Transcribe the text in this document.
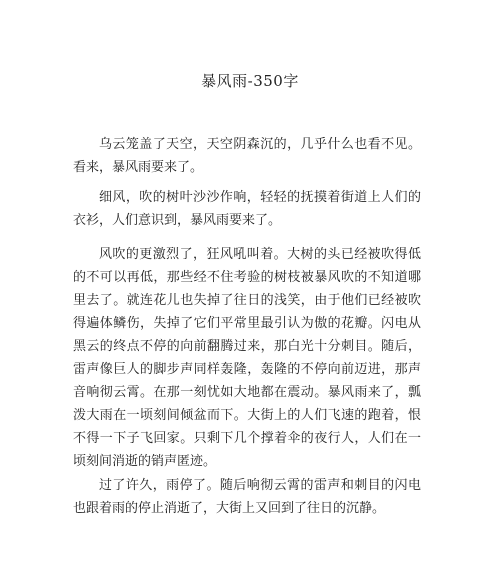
暴风雨-350字

乌云笼盖了天空，天空阴森沉的，几乎什么也看不见。看来，暴风雨要来了。

细风，吹的树叶沙沙作响，轻轻的抚摸着街道上人们的衣衫，人们意识到，暴风雨要来了。

风吹的更激烈了，狂风吼叫着。大树的头已经被吹得低的不可以再低，那些经不住考验的树枝被暴风吹的不知道哪里去了。就连花儿也失掉了往日的浅笑，由于他们已经被吹得遍体鳞伤，失掉了它们平常里最引认为傲的花瓣。闪电从黑云的终点不停的向前翻腾过来，那白光十分刺目。随后，雷声像巨人的脚步声同样轰隆，轰隆的不停向前迈进，那声音响彻云霄。在那一刻忧如大地都在震动。暴风雨来了，瓢泼大雨在一顷刻间倾盆而下。大街上的人们飞速的跑着，恨不得一下子飞回家。只剩下几个撑着伞的夜行人，人们在一顷刻间消逝的销声匿迹。

过了许久，雨停了。随后响彻云霄的雷声和刺目的闪电也跟着雨的停止消逝了，大街上又回到了往日的沉静。
